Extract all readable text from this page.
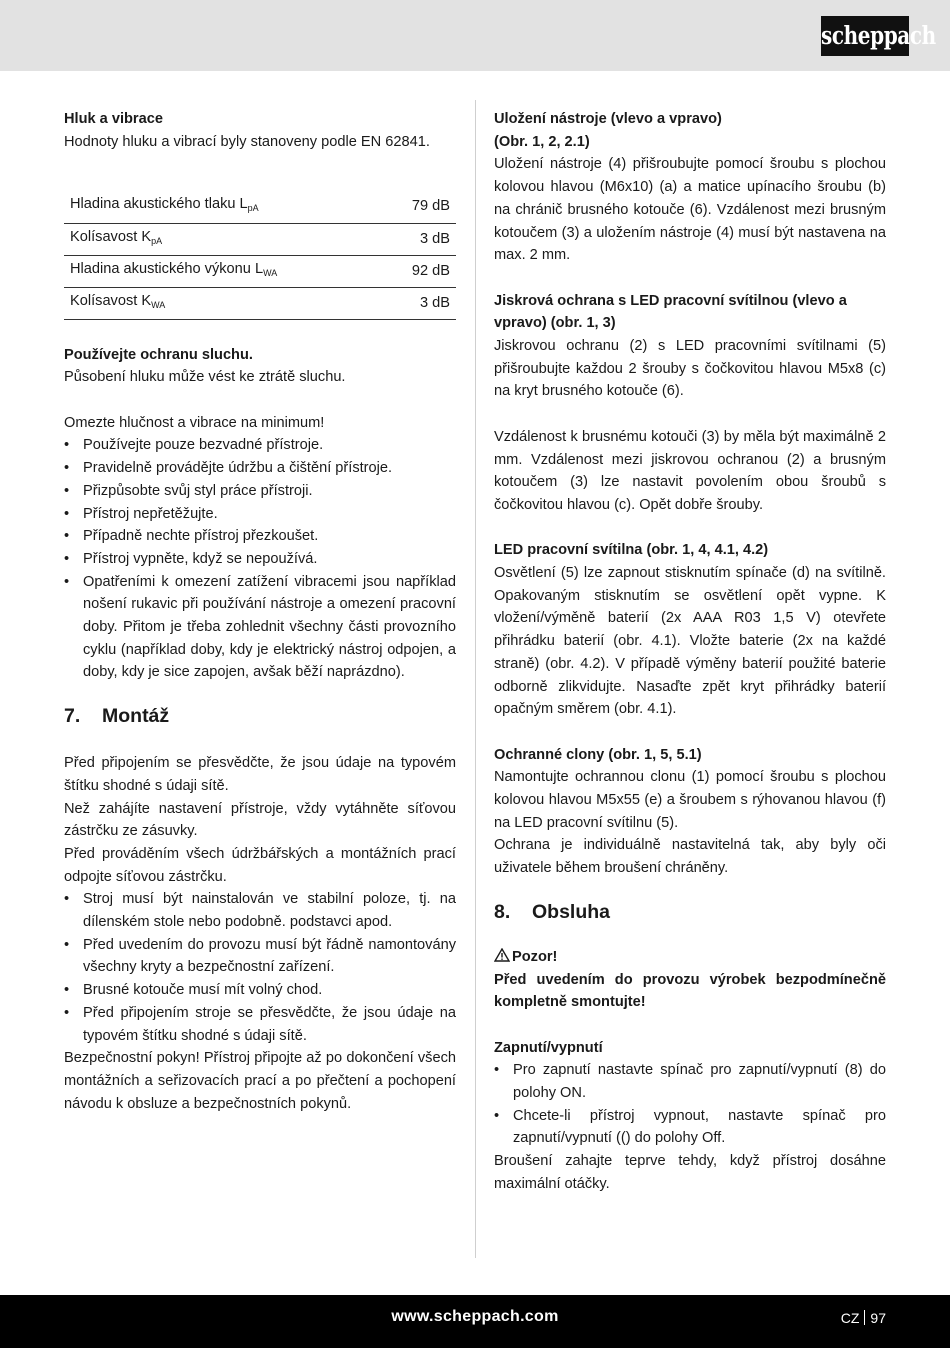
scheppach
Hluk a vibrace
Hodnoty hluku a vibrací byly stanoveny podle EN 62841.
Hladina akustického tlaku $L_{pA}$	79 dB
Kolísavost $K_{pA}$	3 dB
Hladina akustického výkonu $L_{WA}$	92 dB
Kolísavost $K_{WA}$	3 dB
Používejte ochranu sluchu.
Působení hluku může vést ke ztrátě sluchu.
Omezte hlučnost a vibrace na minimum!
• Používejte pouze bezvadné přístroje.
• Pravidelně provádějte údržbu a čištění přístroje.
• Přizpůsobte svůj styl práce přístroji.
• Přístroj nepřetěžujte.
• Případně nechte přístroj přezkoušet.
• Přístroj vypněte, když se nepoužívá.
• Opatřeními k omezení zatížení vibracemi jsou například nošení rukavic při používání nástroje a omezení pracovní doby. Přitom je třeba zohlednit všechny části provozního cyklu (například doby, kdy je elektrický nástroj odpojen, a doby, kdy je sice zapojen, avšak běží naprázdno).
7. Montáž
Před připojením se přesvědčte, že jsou údaje na typovém štítku shodné s údaji sítě.
Než zahájíte nastavení přístroje, vždy vytáhněte síťovou zástrčku ze zásuvky.
Před prováděním všech údržbářských a montážních prací odpojte síťovou zástrčku.
• Stroj musí být nainstalován ve stabilní poloze, tj. na dílenském stole nebo podobně. podstavci apod.
• Před uvedením do provozu musí být řádně namontovány všechny kryty a bezpečnostní zařízení.
• Brusné kotouče musí mít volný chod.
• Před připojením stroje se přesvědčte, že jsou údaje na typovém štítku shodné s údaji sítě.
Bezpečnostní pokyn! Přístroj připojte až po dokončení všech montážních a seřizovacích prací a po přečtení a pochopení návodu k obsluze a bezpečnostních pokynů.
Uložení nástroje (vlevo a vpravo)
(Obr. 1, 2, 2.1)
Uložení nástroje (4) přišroubujte pomocí šroubu s plochou kolovou hlavou (M6x10) (a) a matice upínacího šroubu (b) na chránič brusného kotouče (6). Vzdálenost mezi brusným kotoučem (3) a uložením nástroje (4) musí být nastavena na max. 2 mm.
Jiskrová ochrana s LED pracovní svítilnou (vlevo a vpravo) (obr. 1, 3)
Jiskrovou ochranu (2) s LED pracovními svítilnami (5) přišroubujte každou 2 šrouby s čočkovitou hlavou M5x8 (c) na kryt brusného kotouče (6).
Vzdálenost k brusnému kotouči (3) by měla být maximálně 2 mm. Vzdálenost mezi jiskrovou ochranou (2) a brusným kotoučem (3) lze nastavit povolením obou šroubů s čočkovitou hlavou (c). Opět dobře šrouby.
LED pracovní svítilna (obr. 1, 4, 4.1, 4.2)
Osvětlení (5) lze zapnout stisknutím spínače (d) na svítilně. Opakovaným stisknutím se osvětlení opět vypne. K vložení/výměně baterií (2x AAA R03 1,5 V) otevřete přihrádku baterií (obr. 4.1). Vložte baterie (2x na každé straně) (obr. 4.2). V případě výměny baterií použité baterie odborně zlikvidujte. Nasaďte zpět kryt přihrádky baterií opačným směrem (obr. 4.1).
Ochranné clony (obr. 1, 5, 5.1)
Namontujte ochrannou clonu (1) pomocí šroubu s plochou kolovou hlavou M5x55 (e) a šroubem s rýhovanou hlavou (f) na LED pracovní svítilnu (5).
Ochrana je individuálně nastavitelná tak, aby byly oči uživatele během broušení chráněny.
8. Obsluha
Pozor!
Před uvedením do provozu výrobek bezpodmínečně kompletně smontujte!
Zapnutí/vypnutí
• Pro zapnutí nastavte spínač pro zapnutí/vypnutí (8) do polohy ON.
• Chcete-li přístroj vypnout, nastavte spínač pro zapnutí/vypnutí (() do polohy Off.
Broušení zahajte teprve tehdy, když přístroj dosáhne maximální otáčky.
www.scheppach.com	CZ 97
